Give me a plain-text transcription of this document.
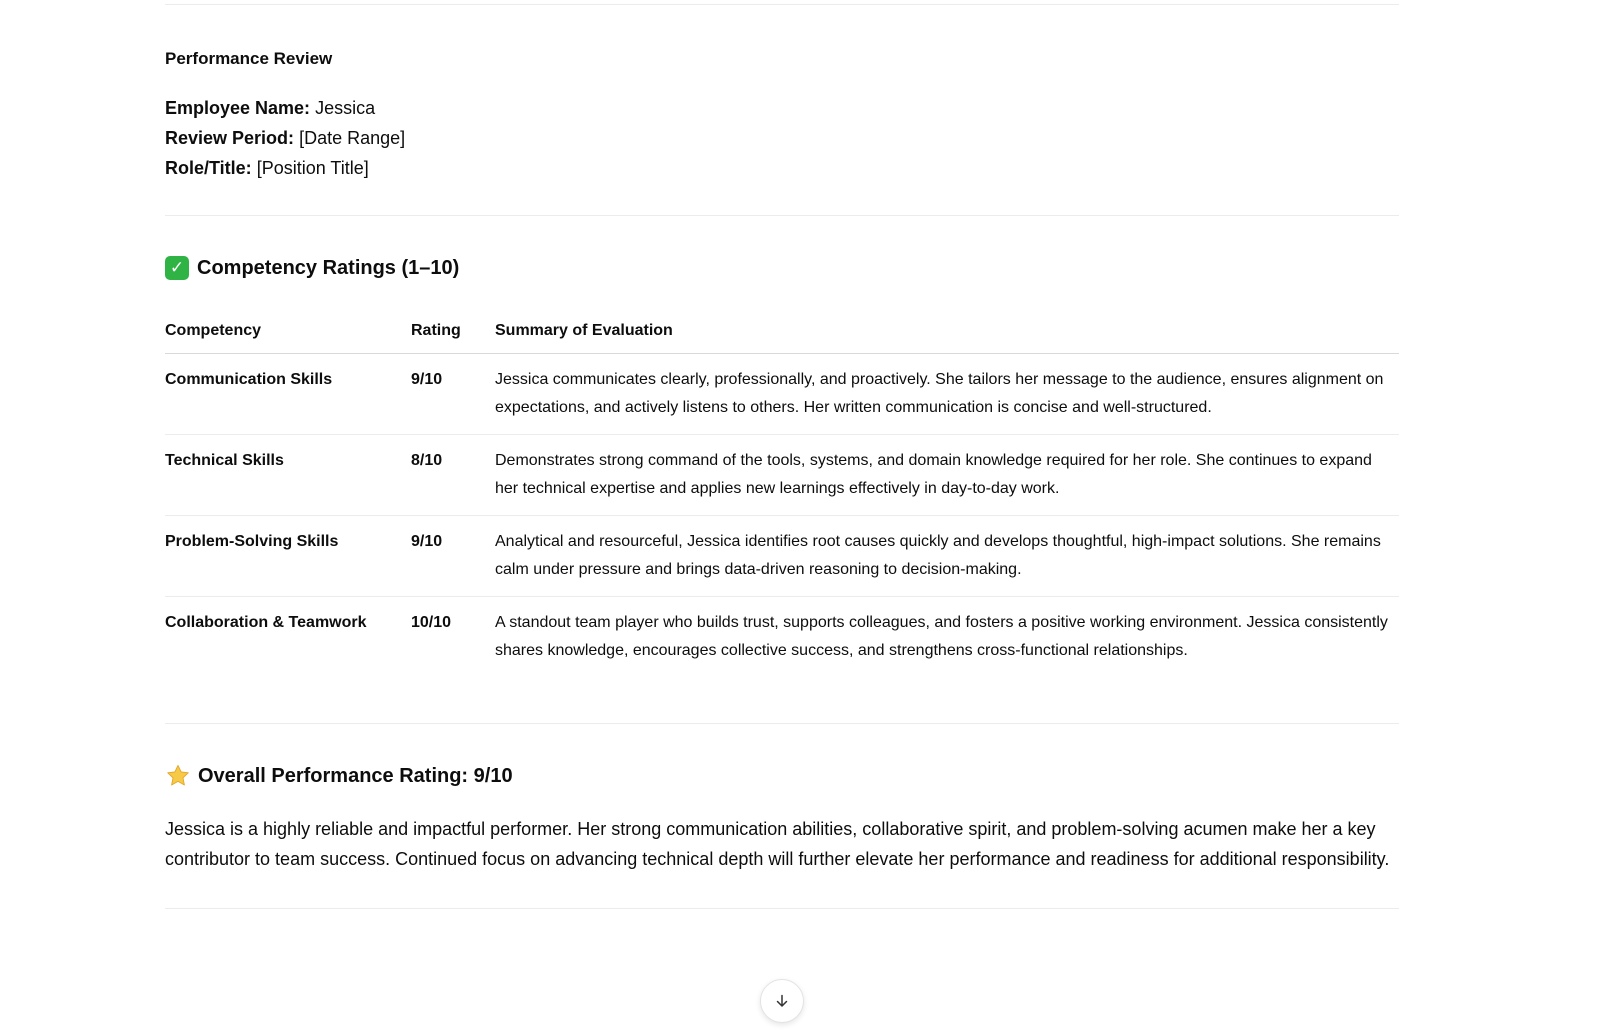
Performance Review
Employee Name: Jessica
Review Period: [Date Range]
Role/Title: [Position Title]
✓ Competency Ratings (1–10)
Competency	Rating	Summary of Evaluation
Communication Skills	9/10	Jessica communicates clearly, professionally, and proactively. She tailors her message to the audience, ensures alignment on expectations, and actively listens to others. Her written communication is concise and well-structured.
Technical Skills	8/10	Demonstrates strong command of the tools, systems, and domain knowledge required for her role. She continues to expand her technical expertise and applies new learnings effectively in day-to-day work.
Problem-Solving Skills	9/10	Analytical and resourceful, Jessica identifies root causes quickly and develops thoughtful, high-impact solutions. She remains calm under pressure and brings data-driven reasoning to decision-making.
Collaboration & Teamwork	10/10	A standout team player who builds trust, supports colleagues, and fosters a positive working environment. Jessica consistently shares knowledge, encourages collective success, and strengthens cross-functional relationships.
Overall Performance Rating: 9/10
Jessica is a highly reliable and impactful performer. Her strong communication abilities, collaborative spirit, and problem-solving acumen make her a key contributor to team success. Continued focus on advancing technical depth will further elevate her performance and readiness for additional responsibility.
